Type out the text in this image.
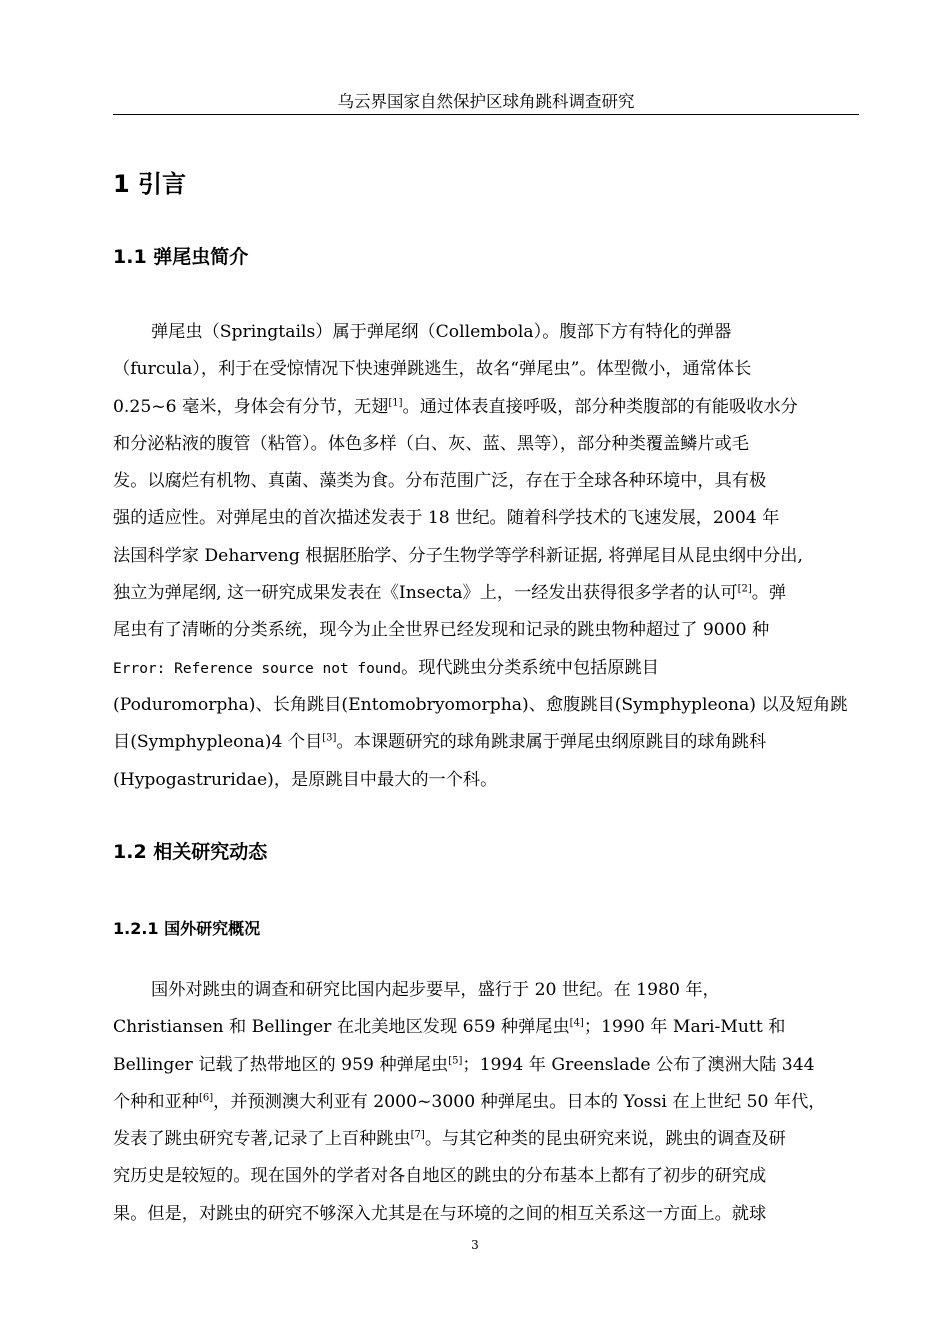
乌云界国家自然保护区球角跳科调查研究
1 引言
1.1 弹尾虫简介
弹尾虫（Springtails）属于弹尾纲（Collembola）。腹部下方有特化的弹器
（furcula），利于在受惊情况下快速弹跳逃生，故名“弹尾虫”。体型微小，通常体长
0.25~6 毫米，身体会有分节，无翅[1]。通过体表直接呼吸，部分种类腹部的有能吸收水分
和分泌粘液的腹管（粘管）。体色多样（白、灰、蓝、黑等），部分种类覆盖鳞片或毛
发。以腐烂有机物、真菌、藻类为食。分布范围广泛，存在于全球各种环境中，具有极
强的适应性。对弹尾虫的首次描述发表于 18 世纪。随着科学技术的飞速发展，2004 年
法国科学家 Deharveng 根据胚胎学、分子生物学等学科新证据, 将弹尾目从昆虫纲中分出,
独立为弹尾纲, 这一研究成果发表在《Insecta》上，一经发出获得很多学者的认可[2]。弹
尾虫有了清晰的分类系统，现今为止全世界已经发现和记录的跳虫物种超过了 9000 种
Error: Reference source not found。现代跳虫分类系统中包括原跳目
(Poduromorpha)、长角跳目(Entomobryomorpha)、愈腹跳目(Symphypleona) 以及短角跳
目(Symphypleona)4 个目[3]。本课题研究的球角跳隶属于弹尾虫纲原跳目的球角跳科
(Hypogastruridae)，是原跳目中最大的一个科。
1.2 相关研究动态
1.2.1 国外研究概况
国外对跳虫的调查和研究比国内起步要早，盛行于 20 世纪。在 1980 年，
Christiansen 和 Bellinger 在北美地区发现 659 种弹尾虫[4]；1990 年 Mari-Mutt 和
Bellinger 记载了热带地区的 959 种弹尾虫[5]；1994 年 Greenslade 公布了澳洲大陆 344
个种和亚种[6]，并预测澳大利亚有 2000~3000 种弹尾虫。日本的 Yossi 在上世纪 50 年代，
发表了跳虫研究专著,记录了上百种跳虫[7]。与其它种类的昆虫研究来说，跳虫的调查及研
究历史是较短的。现在国外的学者对各自地区的跳虫的分布基本上都有了初步的研究成
果。但是，对跳虫的研究不够深入尤其是在与环境的之间的相互关系这一方面上。就球
3
